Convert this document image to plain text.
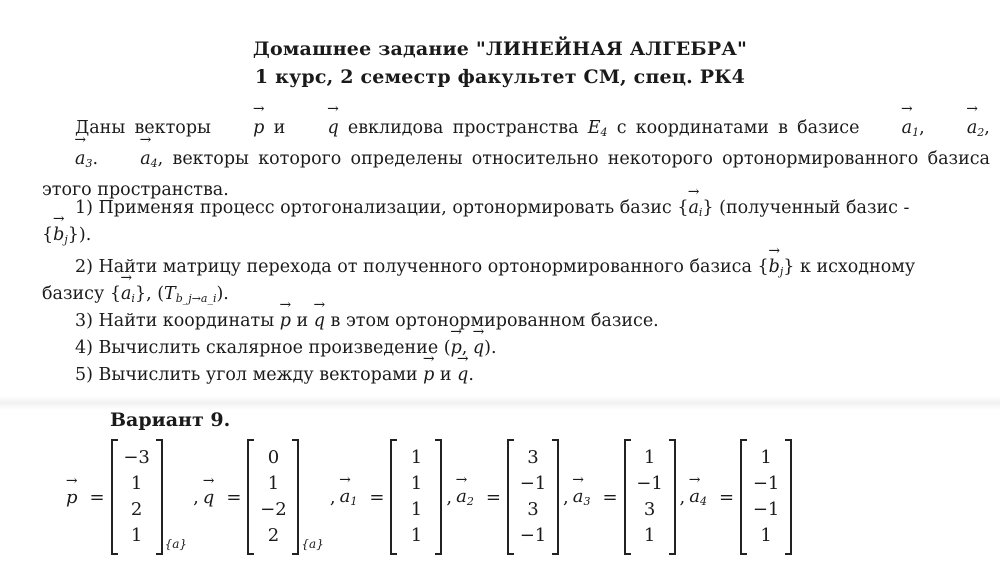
Домашнее задание "ЛИНЕЙНАЯ АЛГЕБРА"
1 курс, 2 семестр факультет СМ, спец. РК4
Даны векторы → p и → q евклидова пространства $E_4$ с координатами в базисе → $a_1$, → $a_2$, → $a_3$. → $a_4$, векторы которого определены относительно некоторого ортонормированного базиса этого пространства.
1) Применяя процесс ортогонализации, ортонормировать базис {→ $a_i$} (полученный базис -
{→ $b_j$}).
2) Найти матрицу перехода от полученного ортонормированного базиса {→ $b_j$} к исходному
базису {→ $a_i$}, $(T_{b\_j\to a\_i})$.
3) Найти координаты → p и → q в этом ортонормированном базисе.
4) Вычислить скалярное произведение (→ p, → q).
5) Вычислить угол между векторами → p и → q.
Вариант 9.
→ p =
−3
1
2
1	{a}
, → q =
0
1
−2
2	{a}
, → $a_1$ =
1
1
1
1
, → $a_2$ =
3
−1
3
−1
, → $a_3$ =
1
−1
3
1
, → $a_4$ =
1
−1
−1
1
